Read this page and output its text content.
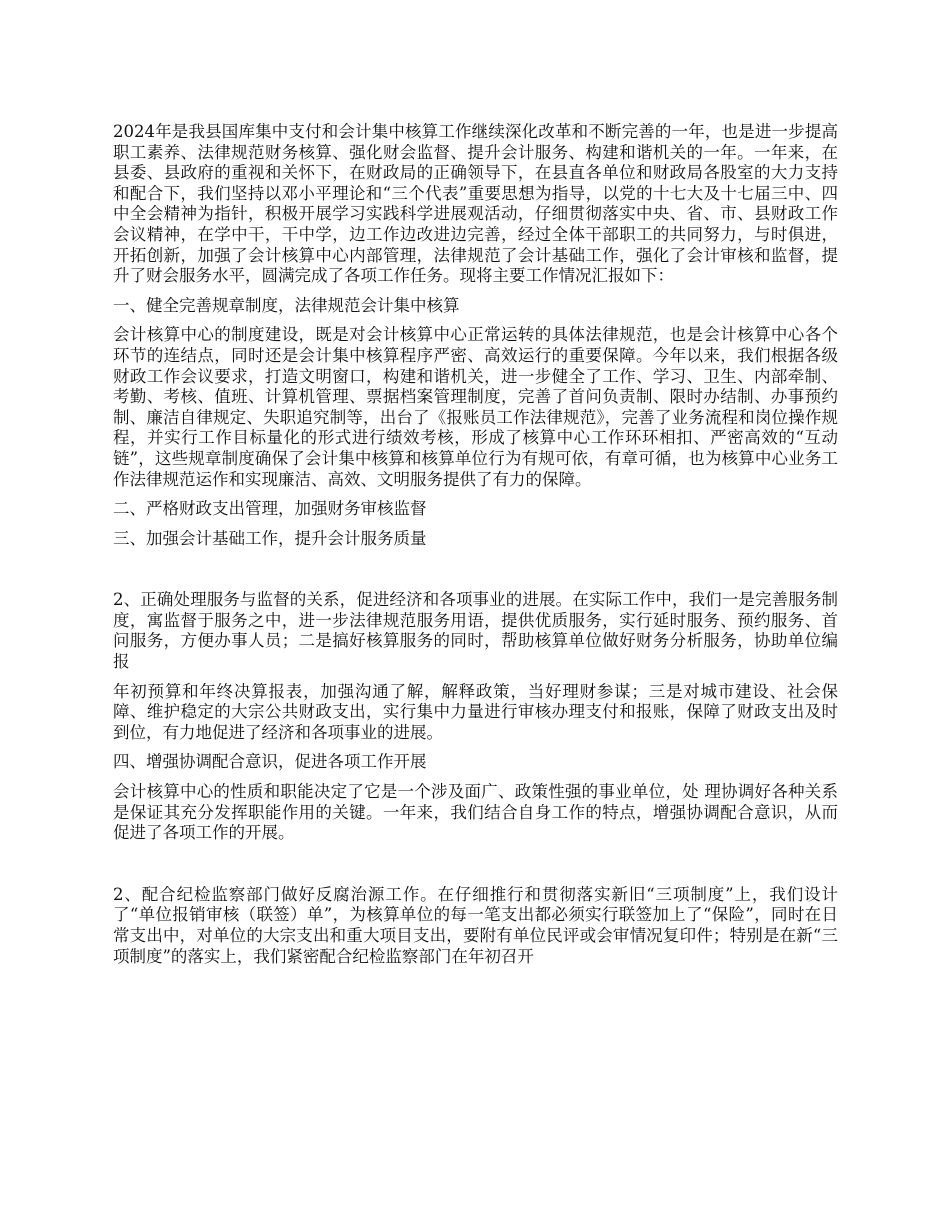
2024年是我县国库集中支付和会计集中核算工作继续深化改革和不断完善的一年，也是进一步提高职工素养、法律规范财务核算、强化财会监督、提升会计服务、构建和谐机关的一年。一年来，在县委、县政府的重视和关怀下，在财政局的正确领导下，在县直各单位和财政局各股室的大力支持和配合下，我们坚持以邓小平理论和“三个代表”重要思想为指导，以党的十七大及十七届三中、四中全会精神为指针，积极开展学习实践科学进展观活动，仔细贯彻落实中央、省、市、县财政工作会议精神，在学中干，干中学，边工作边改进边完善，经过全体干部职工的共同努力，与时俱进，开拓创新，加强了会计核算中心内部管理，法律规范了会计基础工作，强化了会计审核和监督，提升了财会服务水平，圆满完成了各项工作任务。现将主要工作情况汇报如下：

一、健全完善规章制度，法律规范会计集中核算

会计核算中心的制度建设，既是对会计核算中心正常运转的具体法律规范，也是会计核算中心各个环节的连结点，同时还是会计集中核算程序严密、高效运行的重要保障。今年以来，我们根据各级财政工作会议要求，打造文明窗口，构建和谐机关，进一步健全了工作、学习、卫生、内部牵制、考勤、考核、值班、计算机管理、票据档案管理制度，完善了首问负责制、限时办结制、办事预约制、廉洁自律规定、失职追究制等，出台了《报账员工作法律规范》，完善了业务流程和岗位操作规程，并实行工作目标量化的形式进行绩效考核，形成了核算中心工作环环相扣、严密高效的“互动链”，这些规章制度确保了会计集中核算和核算单位行为有规可依，有章可循，也为核算中心业务工作法律规范运作和实现廉洁、高效、文明服务提供了有力的保障。

二、严格财政支出管理，加强财务审核监督

三、加强会计基础工作，提升会计服务质量

2、正确处理服务与监督的关系，促进经济和各项事业的进展。在实际工作中，我们一是完善服务制度，寓监督于服务之中，进一步法律规范服务用语，提供优质服务，实行延时服务、预约服务、首问服务，方便办事人员；二是搞好核算服务的同时，帮助核算单位做好财务分析服务，协助单位编报

年初预算和年终决算报表，加强沟通了解，解释政策，当好理财参谋；三是对城市建设、社会保障、维护稳定的大宗公共财政支出，实行集中力量进行审核办理支付和报账，保障了财政支出及时到位，有力地促进了经济和各项事业的进展。

四、增强协调配合意识，促进各项工作开展

会计核算中心的性质和职能决定了它是一个涉及面广、政策性强的事业单位，处 理协调好各种关系是保证其充分发挥职能作用的关键。一年来，我们结合自身工作的特点，增强协调配合意识，从而促进了各项工作的开展。

2、配合纪检监察部门做好反腐治源工作。在仔细推行和贯彻落实新旧“三项制度”上，我们设计了“单位报销审核（联签）单”，为核算单位的每一笔支出都必须实行联签加上了“保险”，同时在日常支出中，对单位的大宗支出和重大项目支出，要附有单位民评或会审情况复印件；特别是在新“三项制度”的落实上，我们紧密配合纪检监察部门在年初召开
